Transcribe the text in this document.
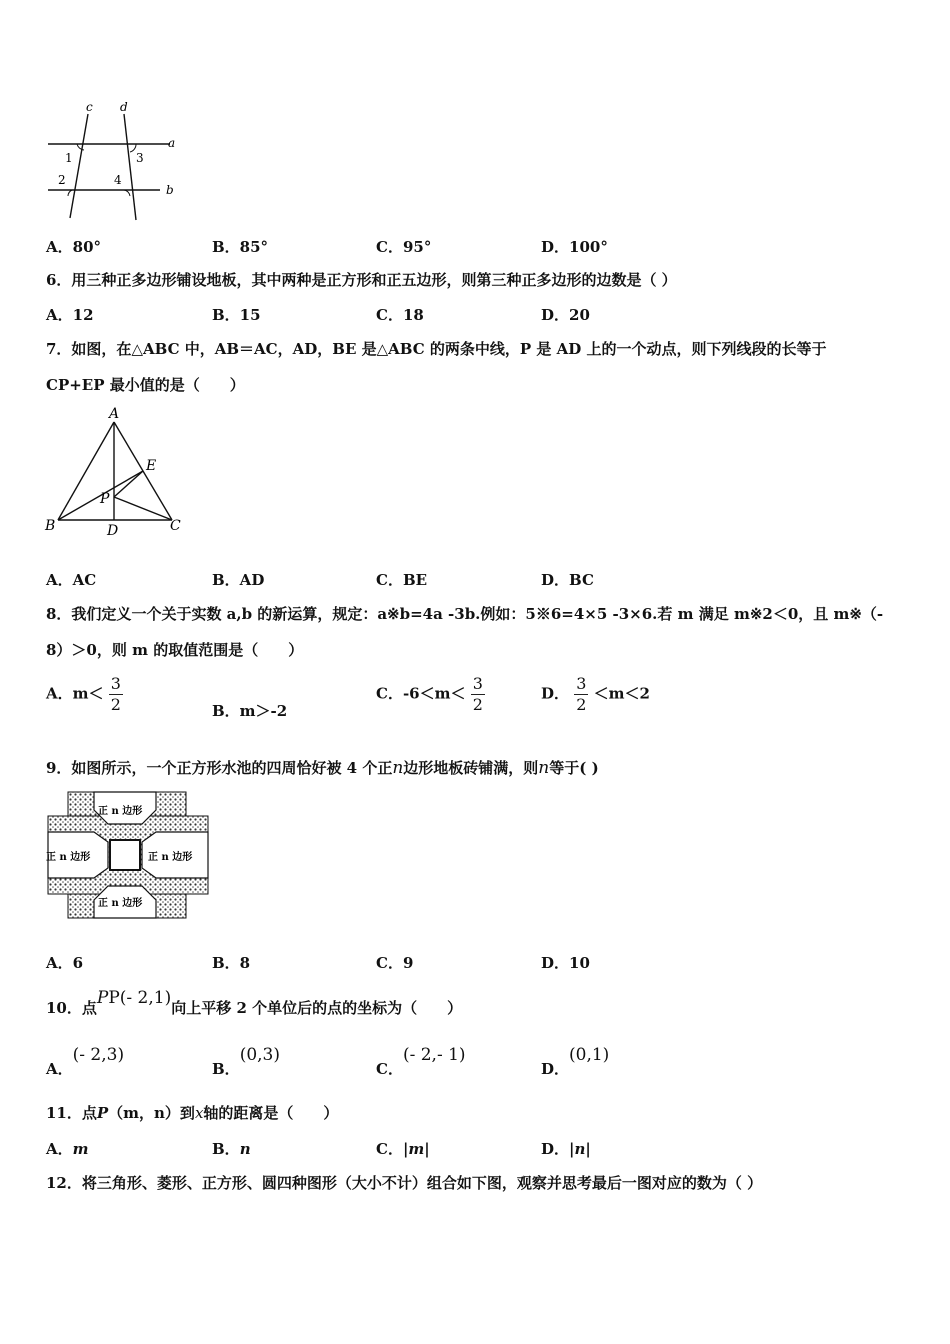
c d
a
b
1
2
3
4
A．80°	B．85°	C．95°	D．100°
6．用三种正多边形铺设地板，其中两种是正方形和正五边形，则第三种正多边形的边数是（ ）
A．12	B．15	C．18	D．20
7．如图，在△ABC 中，AB＝AC，AD，BE 是△ABC 的两条中线，P 是 AD 上的一个动点，则下列线段的长等于
CP+EP 最小值的是（　　）
A
B	C
D
E
P
A．AC	B．AD	C．BE	D．BC
8．我们定义一个关于实数 a,b 的新运算，规定：a※b=4a -3b.例如：5※6=4×5 -3×6.若 m 满足 m※2＜0，且 m※（-
8）＞0，则 m 的取值范围是（　　）
A．$m< \frac{3}{2}$	B．m＞-2
C．$-6<m< \frac{3}{2}$	D． $\frac{3}{2} <m<2$
9．如图所示，一个正方形水池的四周恰好被 4 个正n边形地板砖铺满，则n等于( )
正 n 边形
正 n 边形	正 n 边形
正 n 边形
A．6	B．8	C．9	D．10
10．点PP(- 2,1)向上平移 2 个单位后的点的坐标为（　　）
A．(- 2,3)
B．(0,3)
C．(- 2,- 1)
D．(0,1)
11．点P（m，n）到x轴的距离是（　　）
A．m	B．n	C．|m|	D．|n|
12．将三角形、菱形、正方形、圆四种图形（大小不计）组合如下图，观察并思考最后一图对应的数为（ ）
